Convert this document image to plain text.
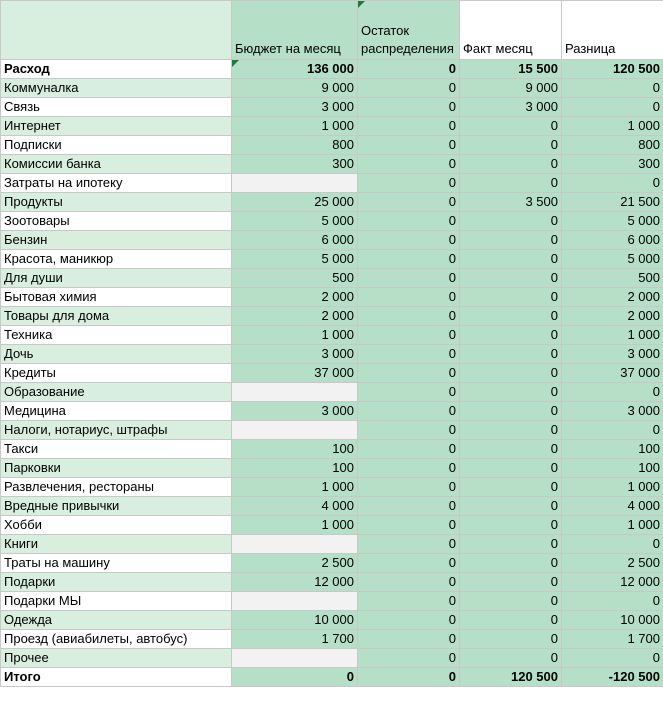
	Бюджет на месяц	Остаток распределения	Факт месяц	Разница
Расход	136 000	0	15 500	120 500
Коммуналка	9 000	0	9 000	0
Связь	3 000	0	3 000	0
Интернет	1 000	0	0	1 000
Подписки	800	0	0	800
Комиссии банка	300	0	0	300
Затраты на ипотеку		0	0	0
Продукты	25 000	0	3 500	21 500
Зоотовары	5 000	0	0	5 000
Бензин	6 000	0	0	6 000
Красота, маникюр	5 000	0	0	5 000
Для души	500	0	0	500
Бытовая химия	2 000	0	0	2 000
Товары для дома	2 000	0	0	2 000
Техника	1 000	0	0	1 000
Дочь	3 000	0	0	3 000
Кредиты	37 000	0	0	37 000
Образование		0	0	0
Медицина	3 000	0	0	3 000
Налоги, нотариус, штрафы		0	0	0
Такси	100	0	0	100
Парковки	100	0	0	100
Развлечения, рестораны	1 000	0	0	1 000
Вредные привычки	4 000	0	0	4 000
Хобби	1 000	0	0	1 000
Книги		0	0	0
Траты на машину	2 500	0	0	2 500
Подарки	12 000	0	0	12 000
Подарки МЫ		0	0	0
Одежда	10 000	0	0	10 000
Проезд (авиабилеты, автобус)	1 700	0	0	1 700
Прочее		0	0	0
Итого	0	0	120 500	-120 500
